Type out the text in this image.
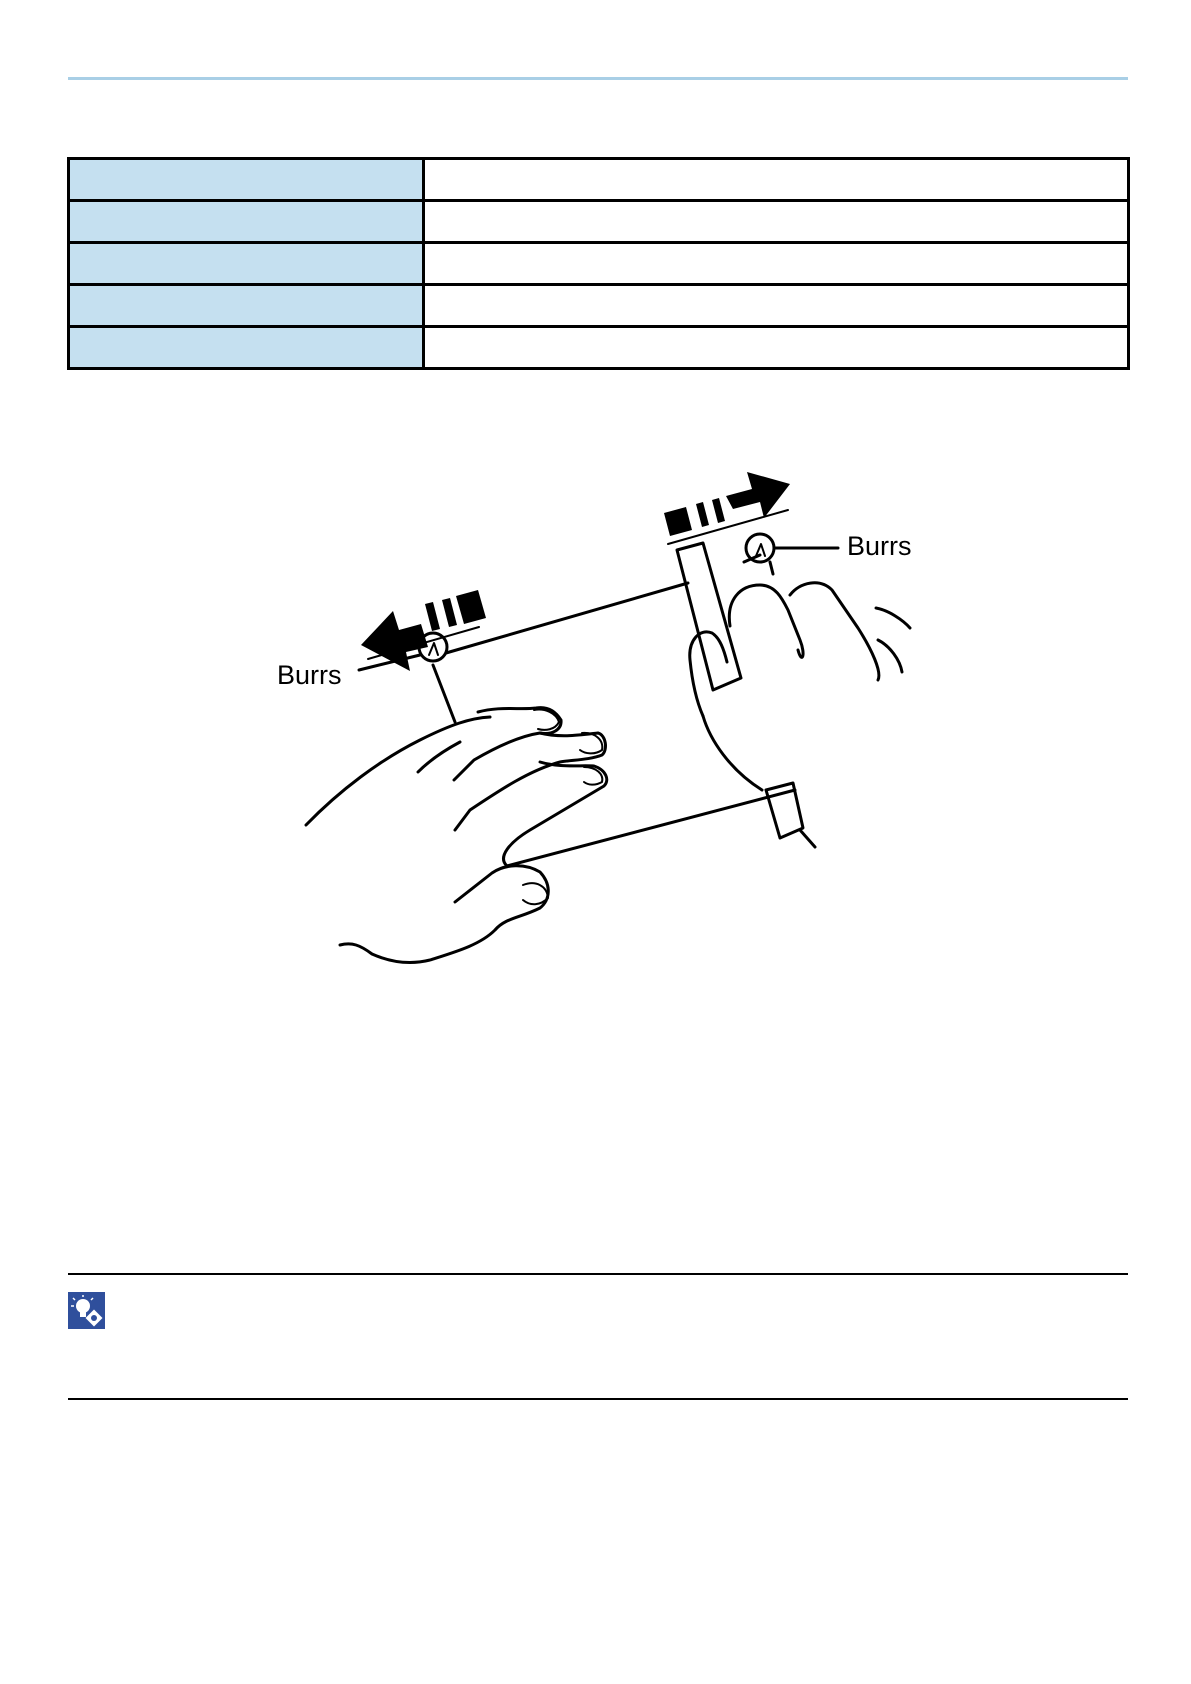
Burrs
Burrs
